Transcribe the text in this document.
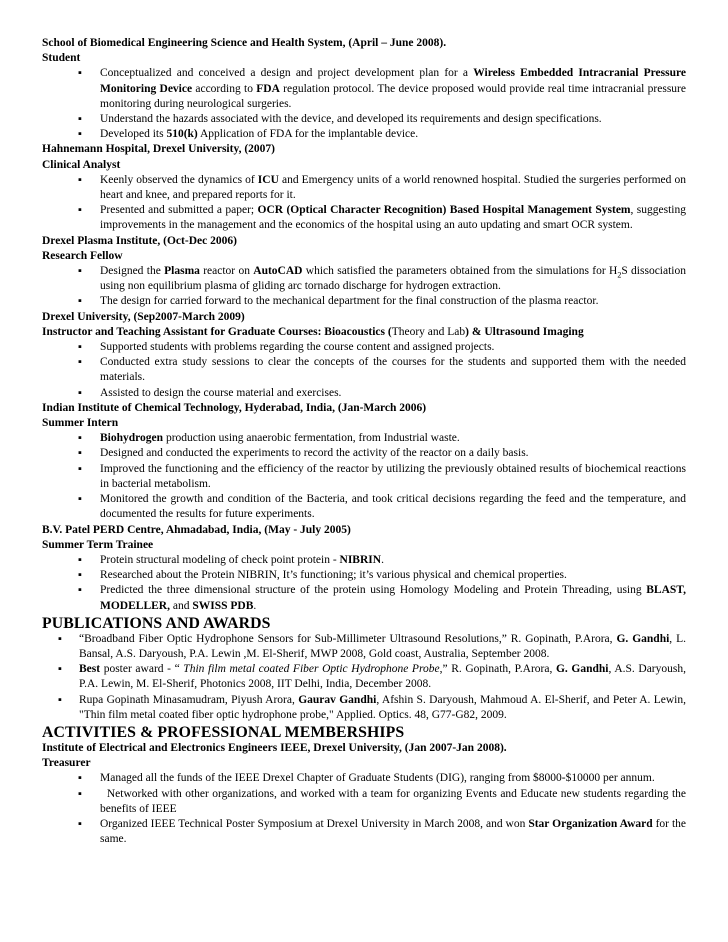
School of Biomedical Engineering Science and Health System, (April – June 2008).
Student
▪ Conceptualized and conceived a design and project development plan for a Wireless Embedded Intracranial Pressure Monitoring Device according to FDA regulation protocol. The device proposed would provide real time intracranial pressure monitoring during neurological surgeries.
▪ Understand the hazards associated with the device, and developed its requirements and design specifications.
▪ Developed its 510(k) Application of FDA for the implantable device.
Hahnemann Hospital, Drexel University, (2007)
Clinical Analyst
▪ Keenly observed the dynamics of ICU and Emergency units of a world renowned hospital. Studied the surgeries performed on heart and knee, and prepared reports for it.
▪ Presented and submitted a paper; OCR (Optical Character Recognition) Based Hospital Management System, suggesting improvements in the management and the economics of the hospital using an auto updating and smart OCR system.
Drexel Plasma Institute, (Oct-Dec 2006)
Research Fellow
▪ Designed the Plasma reactor on AutoCAD which satisfied the parameters obtained from the simulations for $H_2S$ dissociation using non equilibrium plasma of gliding arc tornado discharge for hydrogen extraction.
▪ The design for carried forward to the mechanical department for the final construction of the plasma reactor.
Drexel University, (Sep2007-March 2009)
Instructor and Teaching Assistant for Graduate Courses: Bioacoustics (Theory and Lab) & Ultrasound Imaging
▪ Supported students with problems regarding the course content and assigned projects.
▪ Conducted extra study sessions to clear the concepts of the courses for the students and supported them with the needed materials.
▪ Assisted to design the course material and exercises.
Indian Institute of Chemical Technology, Hyderabad, India, (Jan-March 2006)
Summer Intern
▪ Biohydrogen production using anaerobic fermentation, from Industrial waste.
▪ Designed and conducted the experiments to record the activity of the reactor on a daily basis.
▪ Improved the functioning and the efficiency of the reactor by utilizing the previously obtained results of biochemical reactions in bacterial metabolism.
▪ Monitored the growth and condition of the Bacteria, and took critical decisions regarding the feed and the temperature, and documented the results for future experiments.
B.V. Patel PERD Centre, Ahmadabad, India, (May - July 2005)
Summer Term Trainee
▪ Protein structural modeling of check point protein - NIBRIN.
▪ Researched about the Protein NIBRIN, It’s functioning; it’s various physical and chemical properties.
▪ Predicted the three dimensional structure of the protein using Homology Modeling and Protein Threading, using BLAST, MODELLER, and SWISS PDB.
PUBLICATIONS AND AWARDS
▪ “Broadband Fiber Optic Hydrophone Sensors for Sub-Millimeter Ultrasound Resolutions,” R. Gopinath, P.Arora, G. Gandhi, L. Bansal, A.S. Daryoush, P.A. Lewin ,M. El-Sherif, MWP 2008, Gold coast, Australia, September 2008.
▪ Best poster award - “ Thin film metal coated Fiber Optic Hydrophone Probe,” R. Gopinath, P.Arora, G. Gandhi, A.S. Daryoush, P.A. Lewin, M. El-Sherif, Photonics 2008, IIT Delhi, India, December 2008.
▪ Rupa Gopinath Minasamudram, Piyush Arora, Gaurav Gandhi, Afshin S. Daryoush, Mahmoud A. El-Sherif, and Peter A. Lewin, "Thin film metal coated fiber optic hydrophone probe," Applied. Optics. 48, G77-G82, 2009.
ACTIVITIES & PROFESSIONAL MEMBERSHIPS
Institute of Electrical and Electronics Engineers IEEE, Drexel University, (Jan 2007-Jan 2008).
Treasurer
▪ Managed all the funds of the IEEE Drexel Chapter of Graduate Students (DIG), ranging from $8000-$10000 per annum.
▪   Networked with other organizations, and worked with a team for organizing Events and Educate new students regarding the benefits of IEEE
▪ Organized IEEE Technical Poster Symposium at Drexel University in March 2008, and won Star Organization Award for the same.
